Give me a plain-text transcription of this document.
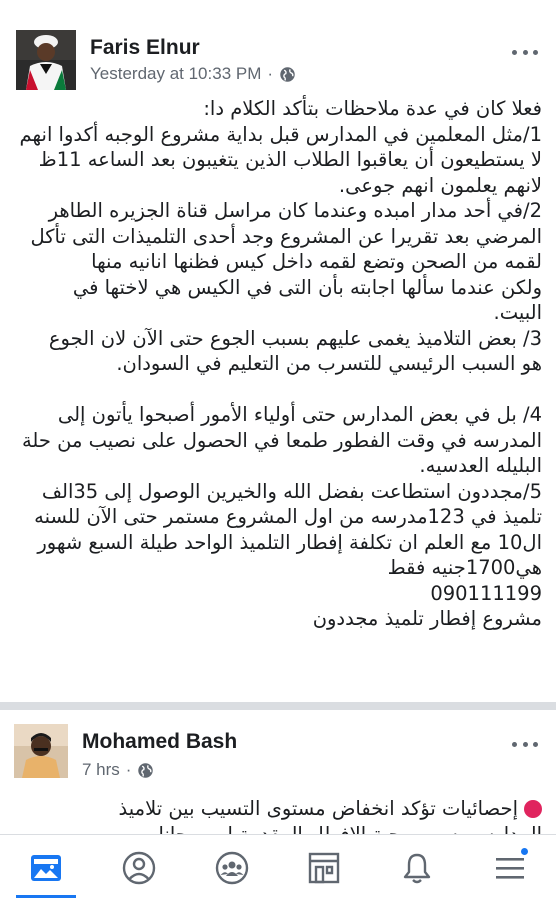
Faris Elnur
Yesterday at 10:33 PM ·
فعلا كان في عدة ملاحظات بتأكد الكلام دا:
1/مثل المعلمين في المدارس قبل بداية مشروع الوجبه أكدوا انهم
لا يستطيعون أن يعاقبوا الطلاب الذين يتغيبون بعد الساعه 11ظ
لانهم يعلمون انهم جوعى.
2/في أحد مدار امبده وعندما كان مراسل قناة الجزيره الطاهر
المرضي بعد تقريرا عن المشروع وجد أحدى التلميذات التى تأكل
لقمه من الصحن وتضع لقمه داخل كيس فظنها انانيه منها
ولكن عندما سألها اجابته بأن التى في الكيس هي لاختها في
البيت.
3/ بعض التلاميذ يغمى عليهم بسبب الجوع حتى الآن لان الجوع
هو السبب الرئيسي للتسرب من التعليم في السودان.
4/ بل في بعض المدارس حتى أولياء الأمور أصبحوا يأتون إلى
المدرسه في وقت الفطور طمعا في الحصول على نصيب من حلة
البليله العدسيه.
5/مجددون استطاعت بفضل الله والخيرين الوصول إلى 35الف
تلميذ في 123مدرسه من اول المشروع مستمر حتى الآن للسنه
ال10 مع العلم ان تكلفة إفطار التلميذ الواحد طيلة السبع شهور
هي1700جنيه فقط
090111199
مشروع إفطار تلميذ مجددون
Mohamed Bash
7 hrs ·
إحصائيات تؤكد انخفاض مستوى التسيب بين تلاميذ
